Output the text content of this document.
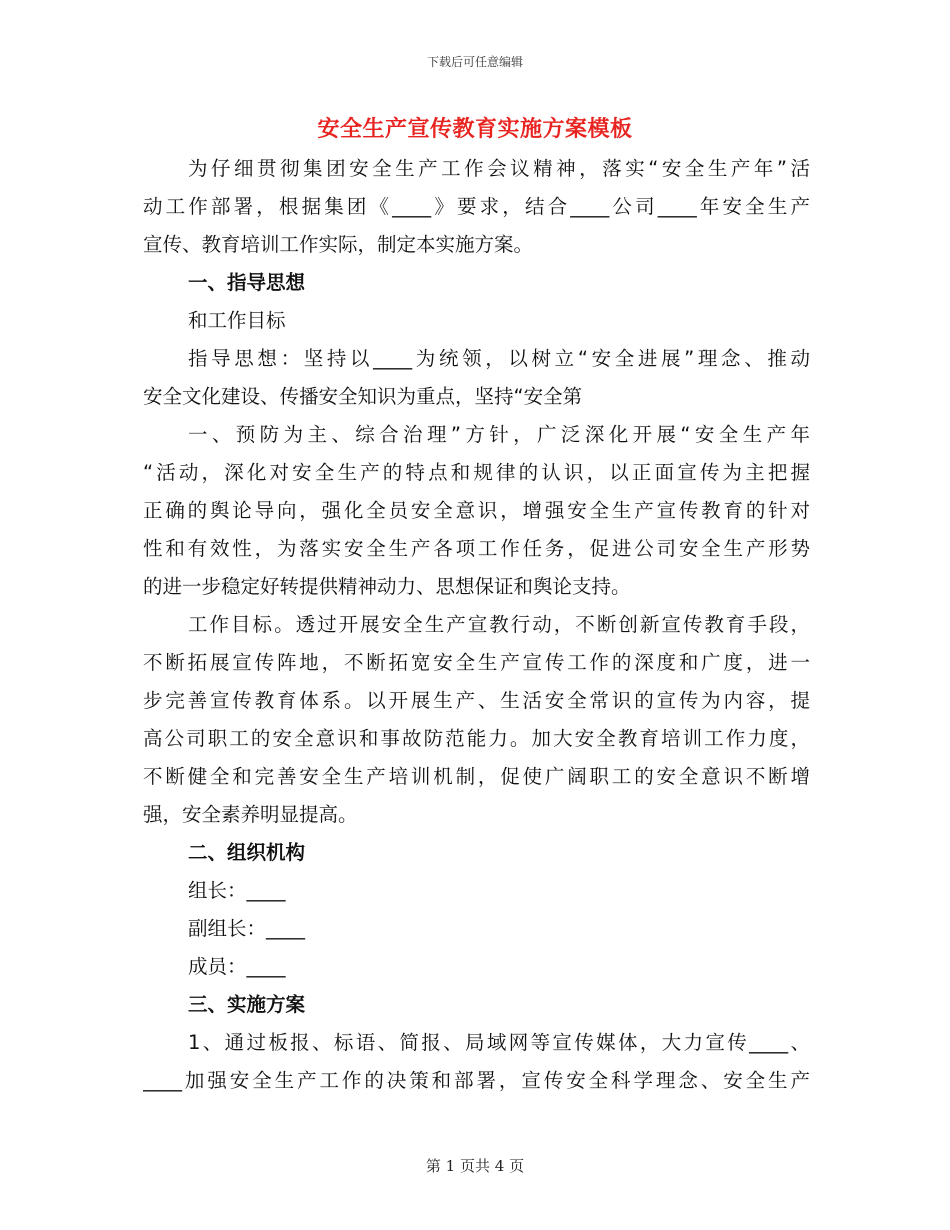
下载后可任意编辑
安全生产宣传教育实施方案模板
为仔细贯彻集团安全生产工作会议精神，落实“安全生产年”活
动工作部署，根据集团《____》要求，结合____公司____年安全生产
宣传、教育培训工作实际，制定本实施方案。
一、指导思想
和工作目标
指导思想：坚持以____为统领，以树立“安全进展”理念、推动
安全文化建设、传播安全知识为重点，坚持“安全第
一、预防为主、综合治理”方针，广泛深化开展“安全生产年
“活动，深化对安全生产的特点和规律的认识，以正面宣传为主把握
正确的舆论导向，强化全员安全意识，增强安全生产宣传教育的针对
性和有效性，为落实安全生产各项工作任务，促进公司安全生产形势
的进一步稳定好转提供精神动力、思想保证和舆论支持。
工作目标。透过开展安全生产宣教行动，不断创新宣传教育手段，
不断拓展宣传阵地，不断拓宽安全生产宣传工作的深度和广度，进一
步完善宣传教育体系。以开展生产、生活安全常识的宣传为内容，提
高公司职工的安全意识和事故防范能力。加大安全教育培训工作力度，
不断健全和完善安全生产培训机制，促使广阔职工的安全意识不断增
强，安全素养明显提高。
二、组织机构
组长：____
副组长：____
成员：____
三、实施方案
1、通过板报、标语、简报、局域网等宣传媒体，大力宣传____、
____加强安全生产工作的决策和部署，宣传安全科学理念、安全生产
第 1 页共 4 页
